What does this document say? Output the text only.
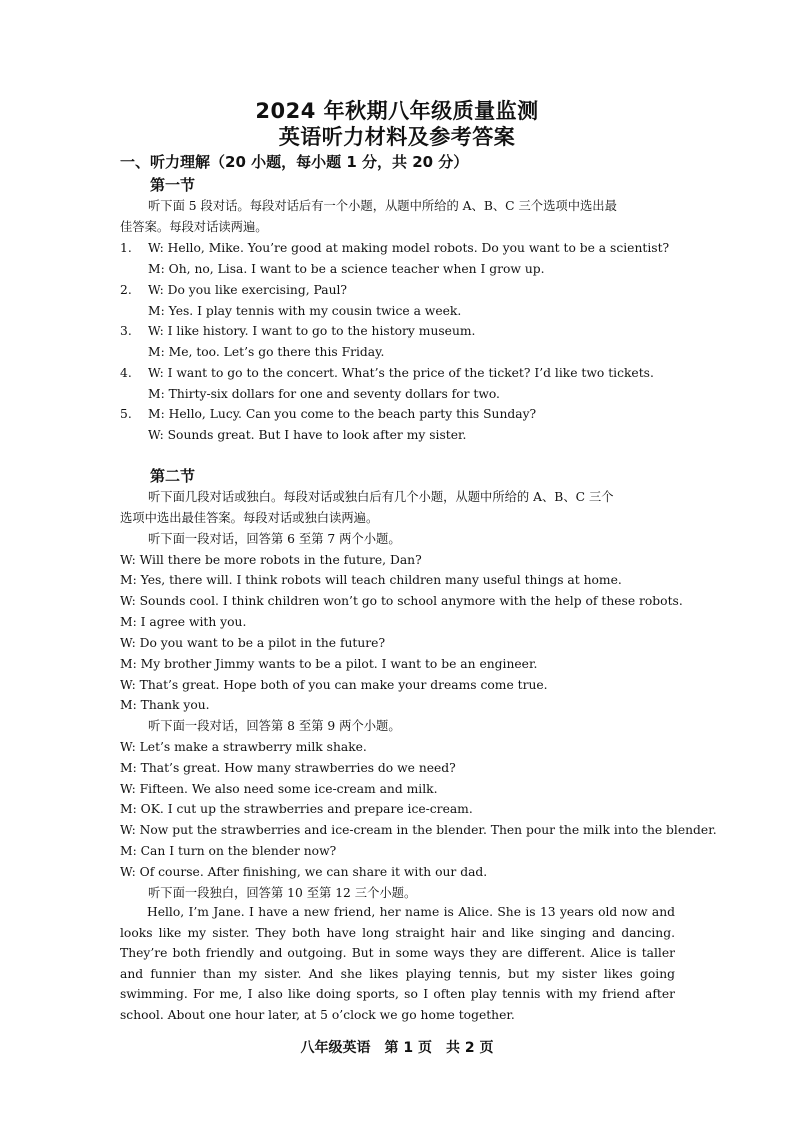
2024 年秋期八年级质量监测
英语听力材料及参考答案
一、听力理解（20 小题，每小题 1 分，共 20 分）
第一节
听下面 5 段对话。每段对话后有一个小题，从题中所给的 A、B、C 三个选项中选出最
佳答案。每段对话读两遍。
1. W: Hello, Mike. You’re good at making model robots. Do you want to be a scientist?
M: Oh, no, Lisa. I want to be a science teacher when I grow up.
2. W: Do you like exercising, Paul?
M: Yes. I play tennis with my cousin twice a week.
3. W: I like history. I want to go to the history museum.
M: Me, too. Let’s go there this Friday.
4. W: I want to go to the concert. What’s the price of the ticket? I’d like two tickets.
M: Thirty-six dollars for one and seventy dollars for two.
5. M: Hello, Lucy. Can you come to the beach party this Sunday?
W: Sounds great. But I have to look after my sister.
第二节
听下面几段对话或独白。每段对话或独白后有几个小题，从题中所给的 A、B、C 三个
选项中选出最佳答案。每段对话或独白读两遍。
听下面一段对话，回答第 6 至第 7 两个小题。
W: Will there be more robots in the future, Dan?
M: Yes, there will. I think robots will teach children many useful things at home.
W: Sounds cool. I think children won’t go to school anymore with the help of these robots.
M: I agree with you.
W: Do you want to be a pilot in the future?
M: My brother Jimmy wants to be a pilot. I want to be an engineer.
W: That’s great. Hope both of you can make your dreams come true.
M: Thank you.
听下面一段对话，回答第 8 至第 9 两个小题。
W: Let’s make a strawberry milk shake.
M: That’s great. How many strawberries do we need?
W: Fifteen. We also need some ice-cream and milk.
M: OK. I cut up the strawberries and prepare ice-cream.
W: Now put the strawberries and ice-cream in the blender. Then pour the milk into the blender.
M: Can I turn on the blender now?
W: Of course. After finishing, we can share it with our dad.
听下面一段独白，回答第 10 至第 12 三个小题。
Hello, I’m Jane. I have a new friend, her name is Alice. She is 13 years old now and looks like my sister. They both have long straight hair and like singing and dancing. They’re both friendly and outgoing. But in some ways they are different. Alice is taller and funnier than my sister. And she likes playing tennis, but my sister likes going swimming. For me, I also like doing sports, so I often play tennis with my friend after school. About one hour later, at 5 o’clock we go home together.
八年级英语　第 1 页　共 2 页
